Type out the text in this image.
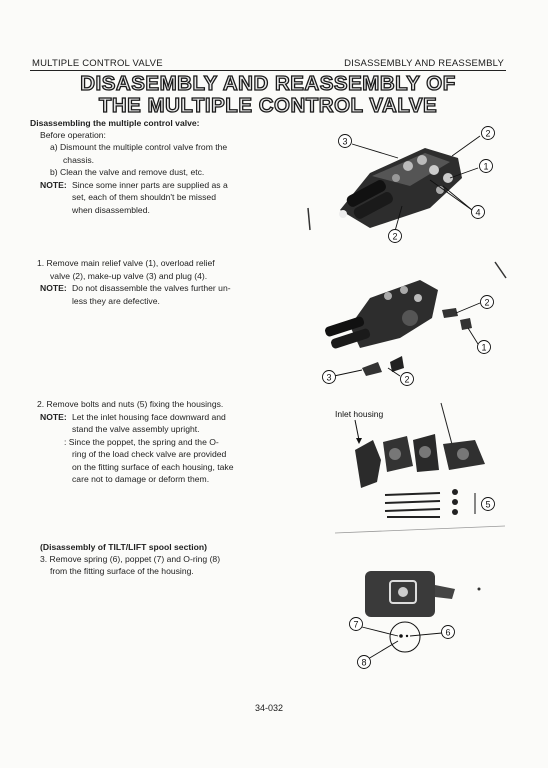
MULTIPLE CONTROL VALVE	DISASSEMBLY AND REASSEMBLY
DISASEMBLY AND REASSEMBLY OF
THE MULTIPLE CONTROL VALVE
Disassembling the multiple control valve:
Before operation:
a) Dismount the multiple control valve from the
chassis.
b) Clean the valve and remove dust, etc.
NOTE: Since some inner parts are supplied as a
set, each of them shouldn't be missed
when disassembled.
1. Remove main relief valve (1), overload relief
valve (2), make-up valve (3) and plug (4).
NOTE: Do not disassemble the valves further un-
less they are defective.
2. Remove bolts and nuts (5) fixing the housings.
NOTE: Let the inlet housing face downward and
stand the valve assembly upright.
: Since the poppet, the spring and the O-
ring of the load check valve are provided
on the fitting surface of each housing, take
care not to damage or deform them.
(Disassembly of TILT/LIFT spool section)
3. Remove spring (6), poppet (7) and O-ring (8)
from the fitting surface of the housing.
3
2
1
4
2
2
1
3	2
Inlet housing
5
7
6
8
34-032
